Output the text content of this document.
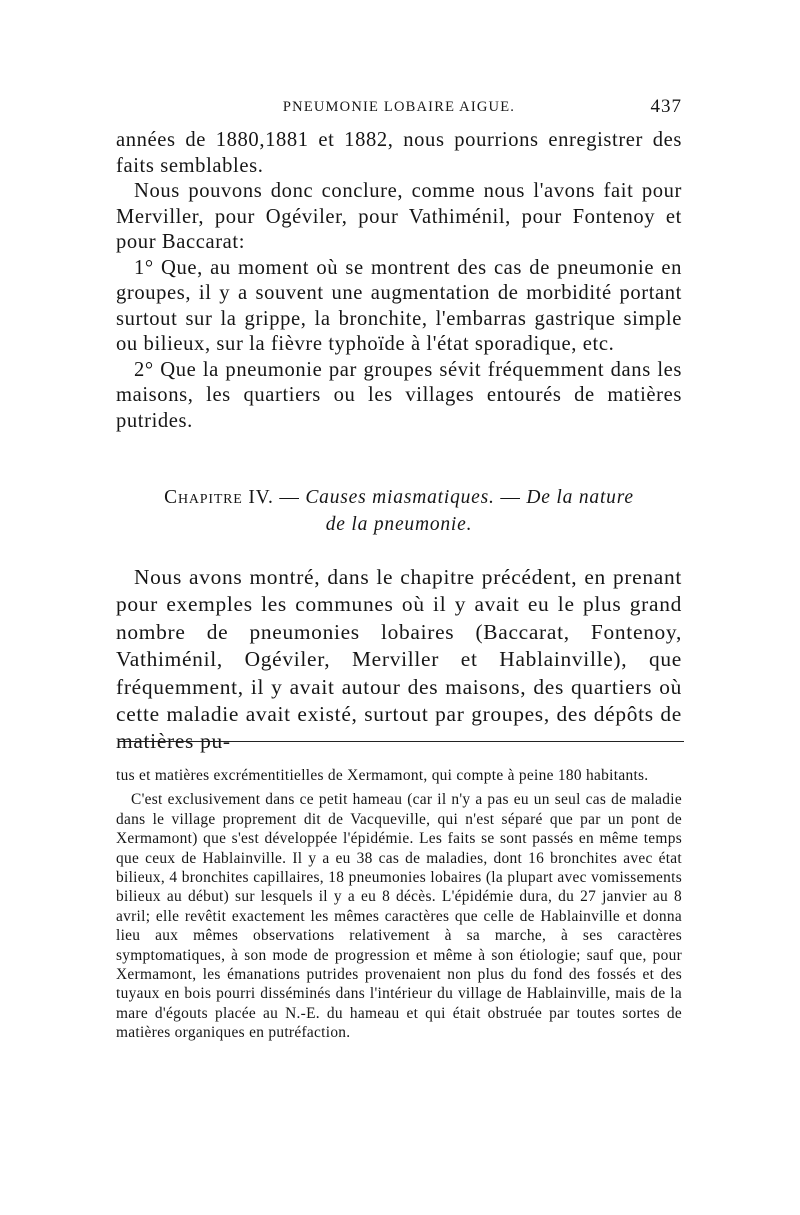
PNEUMONIE LOBAIRE AIGUE.	437

années de 1880,1881 et 1882, nous pourrions enregistrer des faits semblables.

Nous pouvons donc conclure, comme nous l'avons fait pour Merviller, pour Ogéviler, pour Vathiménil, pour Fontenoy et pour Baccarat:

1° Que, au moment où se montrent des cas de pneumonie en groupes, il y a souvent une augmentation de morbidité portant surtout sur la grippe, la bronchite, l'embarras gastrique simple ou bilieux, sur la fièvre typhoïde à l'état sporadique, etc.

2° Que la pneumonie par groupes sévit fréquemment dans les maisons, les quartiers ou les villages entourés de matières putrides.

Chapitre IV. — Causes miasmatiques. — De la nature
de la pneumonie.

Nous avons montré, dans le chapitre précédent, en prenant pour exemples les communes où il y avait eu le plus grand nombre de pneumonies lobaires (Baccarat, Fontenoy, Vathiménil, Ogéviler, Merviller et Hablainville), que fréquemment, il y avait autour des maisons, des quartiers où cette maladie avait existé, surtout par groupes, des dépôts de matières pu-

tus et matières excrémentitielles de Xermamont, qui compte à peine 180 habitants.

C'est exclusivement dans ce petit hameau (car il n'y a pas eu un seul cas de maladie dans le village proprement dit de Vacqueville, qui n'est séparé que par un pont de Xermamont) que s'est développée l'épidémie. Les faits se sont passés en même temps que ceux de Hablainville. Il y a eu 38 cas de maladies, dont 16 bronchites avec état bilieux, 4 bronchites capillaires, 18 pneumonies lobaires (la plupart avec vomissements bilieux au début) sur lesquels il y a eu 8 décès. L'épidémie dura, du 27 janvier au 8 avril; elle revêtit exactement les mêmes caractères que celle de Hablainville et donna lieu aux mêmes observations relativement à sa marche, à ses caractères symptomatiques, à son mode de progression et même à son étiologie; sauf que, pour Xermamont, les émanations putrides provenaient non plus du fond des fossés et des tuyaux en bois pourri disséminés dans l'intérieur du village de Hablainville, mais de la mare d'égouts placée au N.-E. du hameau et qui était obstruée par toutes sortes de matières organiques en putréfaction.
